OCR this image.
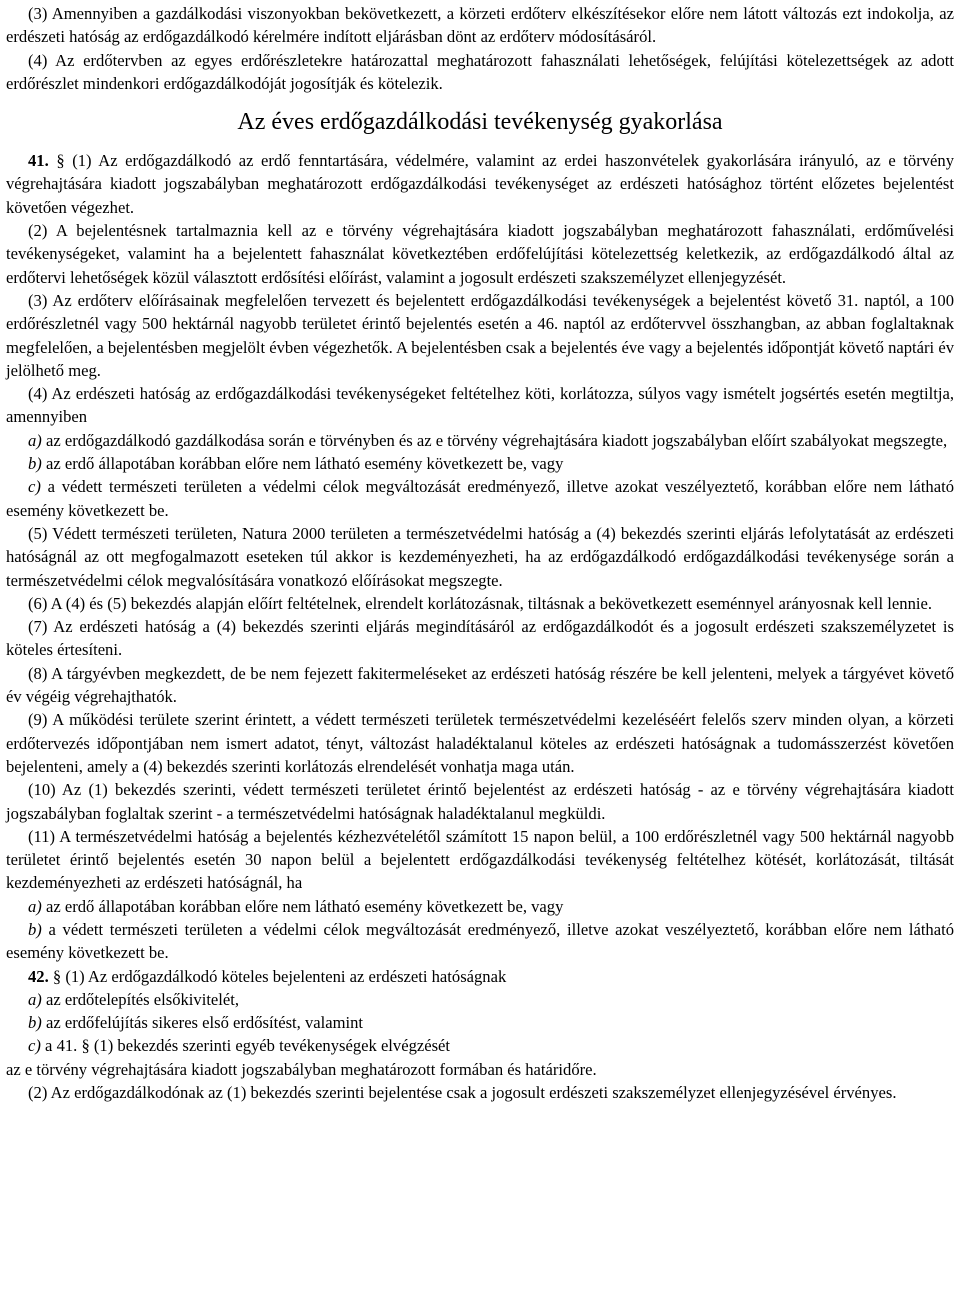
(3) Amennyiben a gazdálkodási viszonyokban bekövetkezett, a körzeti erdőterv elkészítésekor előre nem látott változás ezt indokolja, az erdészeti hatóság az erdőgazdálkodó kérelmére indított eljárásban dönt az erdőterv módosításáról.

(4) Az erdőtervben az egyes erdőrészletekre határozattal meghatározott fahasználati lehetőségek, felújítási kötelezettségek az adott erdőrészlet mindenkori erdőgazdálkodóját jogosítják és kötelezik.

Az éves erdőgazdálkodási tevékenység gyakorlása

41. § (1) Az erdőgazdálkodó az erdő fenntartására, védelmére, valamint az erdei haszonvételek gyakorlására irányuló, az e törvény végrehajtására kiadott jogszabályban meghatározott erdőgazdálkodási tevékenységet az erdészeti hatósághoz történt előzetes bejelentést követően végezhet.

(2) A bejelentésnek tartalmaznia kell az e törvény végrehajtására kiadott jogszabályban meghatározott fahasználati, erdőművelési tevékenységeket, valamint ha a bejelentett fahasználat következtében erdőfelújítási kötelezettség keletkezik, az erdőgazdálkodó által az erdőtervi lehetőségek közül választott erdősítési előírást, valamint a jogosult erdészeti szakszemélyzet ellenjegyzését.

(3) Az erdőterv előírásainak megfelelően tervezett és bejelentett erdőgazdálkodási tevékenységek a bejelentést követő 31. naptól, a 100 erdőrészletnél vagy 500 hektárnál nagyobb területet érintő bejelentés esetén a 46. naptól az erdőtervvel összhangban, az abban foglaltaknak megfelelően, a bejelentésben megjelölt évben végezhetők. A bejelentésben csak a bejelentés éve vagy a bejelentés időpontját követő naptári év jelölhető meg.

(4) Az erdészeti hatóság az erdőgazdálkodási tevékenységeket feltételhez köti, korlátozza, súlyos vagy ismételt jogsértés esetén megtiltja, amennyiben

a) az erdőgazdálkodó gazdálkodása során e törvényben és az e törvény végrehajtására kiadott jogszabályban előírt szabályokat megszegte,

b) az erdő állapotában korábban előre nem látható esemény következett be, vagy

c) a védett természeti területen a védelmi célok megváltozását eredményező, illetve azokat veszélyeztető, korábban előre nem látható esemény következett be.

(5) Védett természeti területen, Natura 2000 területen a természetvédelmi hatóság a (4) bekezdés szerinti eljárás lefolytatását az erdészeti hatóságnál az ott megfogalmazott eseteken túl akkor is kezdeményezheti, ha az erdőgazdálkodó erdőgazdálkodási tevékenysége során a természetvédelmi célok megvalósítására vonatkozó előírásokat megszegte.

(6) A (4) és (5) bekezdés alapján előírt feltételnek, elrendelt korlátozásnak, tiltásnak a bekövetkezett eseménnyel arányosnak kell lennie.

(7) Az erdészeti hatóság a (4) bekezdés szerinti eljárás megindításáról az erdőgazdálkodót és a jogosult erdészeti szakszemélyzetet is köteles értesíteni.

(8) A tárgyévben megkezdett, de be nem fejezett fakitermeléseket az erdészeti hatóság részére be kell jelenteni, melyek a tárgyévet követő év végéig végrehajthatók.

(9) A működési területe szerint érintett, a védett természeti területek természetvédelmi kezeléséért felelős szerv minden olyan, a körzeti erdőtervezés időpontjában nem ismert adatot, tényt, változást haladéktalanul köteles az erdészeti hatóságnak a tudomásszerzést követően bejelenteni, amely a (4) bekezdés szerinti korlátozás elrendelését vonhatja maga után.

(10) Az (1) bekezdés szerinti, védett természeti területet érintő bejelentést az erdészeti hatóság - az e törvény végrehajtására kiadott jogszabályban foglaltak szerint - a természetvédelmi hatóságnak haladéktalanul megküldi.

(11) A természetvédelmi hatóság a bejelentés kézhezvételétől számított 15 napon belül, a 100 erdőrészletnél vagy 500 hektárnál nagyobb területet érintő bejelentés esetén 30 napon belül a bejelentett erdőgazdálkodási tevékenység feltételhez kötését, korlátozását, tiltását kezdeményezheti az erdészeti hatóságnál, ha

a) az erdő állapotában korábban előre nem látható esemény következett be, vagy

b) a védett természeti területen a védelmi célok megváltozását eredményező, illetve azokat veszélyeztető, korábban előre nem látható esemény következett be.

42. § (1) Az erdőgazdálkodó köteles bejelenteni az erdészeti hatóságnak

a) az erdőtelepítés elsőkivitelét,

b) az erdőfelújítás sikeres első erdősítést, valamint

c) a 41. § (1) bekezdés szerinti egyéb tevékenységek elvégzését

az e törvény végrehajtására kiadott jogszabályban meghatározott formában és határidőre.

(2) Az erdőgazdálkodónak az (1) bekezdés szerinti bejelentése csak a jogosult erdészeti szakszemélyzet ellenjegyzésével érvényes.
